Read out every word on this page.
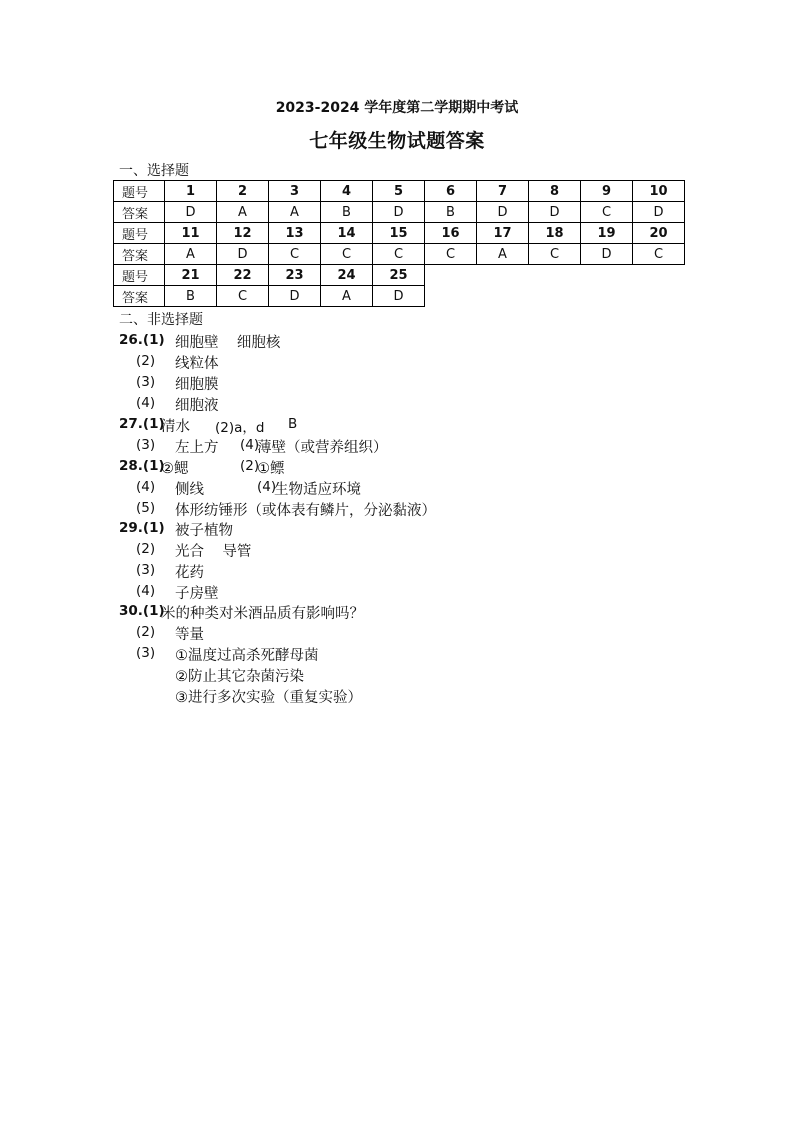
2023-2024 学年度第二学期期中考试
七年级生物试题答案
一、选择题
题号	1	2	3	4	5	6	7	8	9	10
答案	D	A	A	B	D	B	D	D	C	D
题号	11	12	13	14	15	16	17	18	19	20
答案	A	D	C	C	C	C	A	C	D	C
题号	21	22	23	24	25					
答案	B	C	D	A	D					
二、非选择题
26.(1) 细胞壁    细胞核
(2) 线粒体
(3) 细胞膜
(4) 细胞液
27.(1)
清水 (2)a，d B
(3) 左上方 (4)
薄壁（或营养组织）
28.(1)
②鳃	(2)
①鳔
(4) 侧线	(4)
生物适应环境
(5) 体形纺锤形（或体表有鳞片，分泌黏液）
29.(1) 被子植物
(2) 光合    导管
(3) 花药
(4) 子房壁
30.(1)
米的种类对米酒品质有影响吗？
(2) 等量
(3) ①温度过高杀死酵母菌
②防止其它杂菌污染
③进行多次实验（重复实验）
